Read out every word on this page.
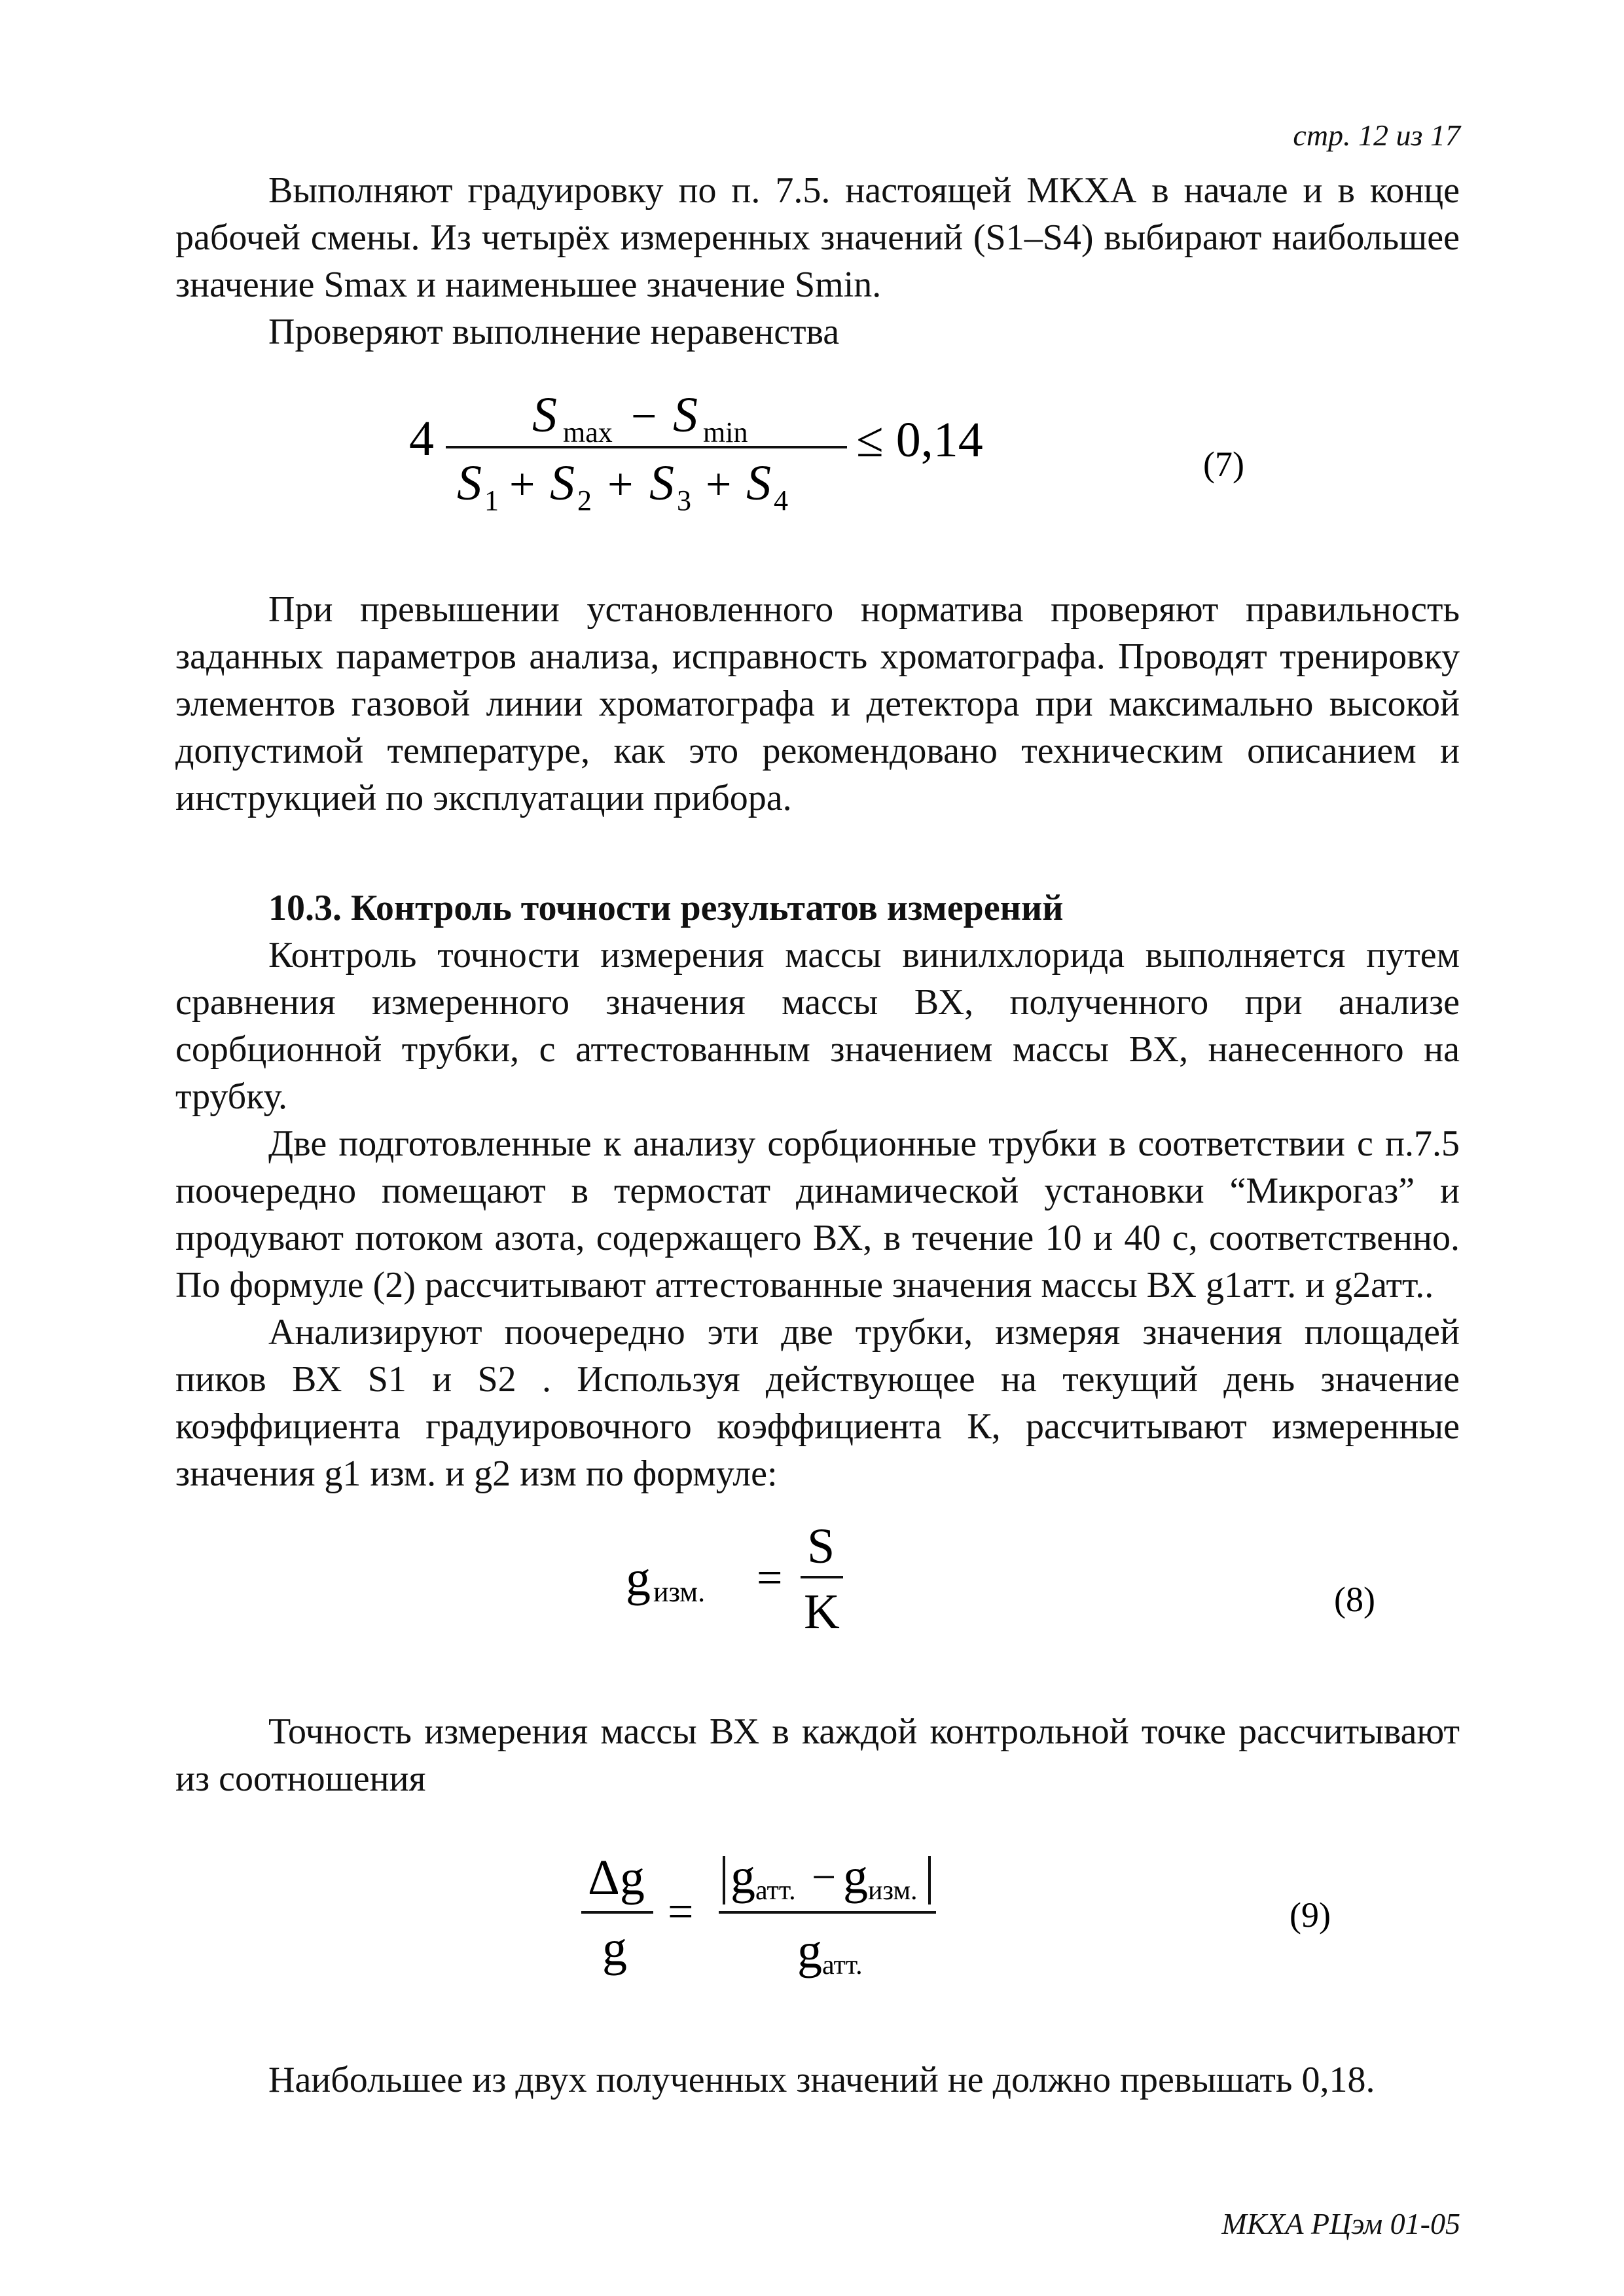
стр. 12 из 17

Выполняют градуировку по п. 7.5. настоящей МКХА в начале и в конце рабочей смены. Из четырёх измеренных значений (S1–S4) выбирают наибольшее значение Smax и наименьшее значение Smin.

Проверяют выполнение неравенства

4 S max − S min
S 1 + S 2 + S 3 + S 4
≤ 0,14	(7)

При превышении установленного норматива проверяют правильность заданных параметров анализа, исправность хроматографа. Проводят тренировку элементов газовой линии хроматографа и детектора при максимально высокой допустимой температуре, как это рекомендовано техническим описанием и инструкцией по эксплуатации прибора.

10.3. Контроль точности результатов измерений

Контроль точности измерения массы винилхлорида выполняется путем сравнения измеренного значения массы ВХ, полученного при анализе сорбционной трубки, с аттестованным значением массы ВХ, нанесенного на трубку.

Две подготовленные к анализу сорбционные трубки в соответствии с п.7.5 поочередно помещают в термостат динамической установки “Микрогаз” и продувают потоком азота, содержащего ВХ, в течение 10 и 40 с, соответственно. По формуле (2) рассчитывают аттестованные значения массы ВХ g1атт. и g2атт..

Анализируют поочередно эти две трубки, измеряя значения площадей пиков ВХ S1 и S2 . Используя действующее на текущий день значение коэффициента градуировочного коэффициента К, рассчитывают измеренные значения g1 изм. и g2 изм по формуле:

g изм. =
S
K	(8)

Точность измерения массы ВХ в каждой контрольной точке рассчитывают из соотношения

Δg
g
=
g атт. − g изм.
g атт.
(9)

Наибольшее из двух полученных значений не должно превышать 0,18.

МКХА РЦэм 01-05
